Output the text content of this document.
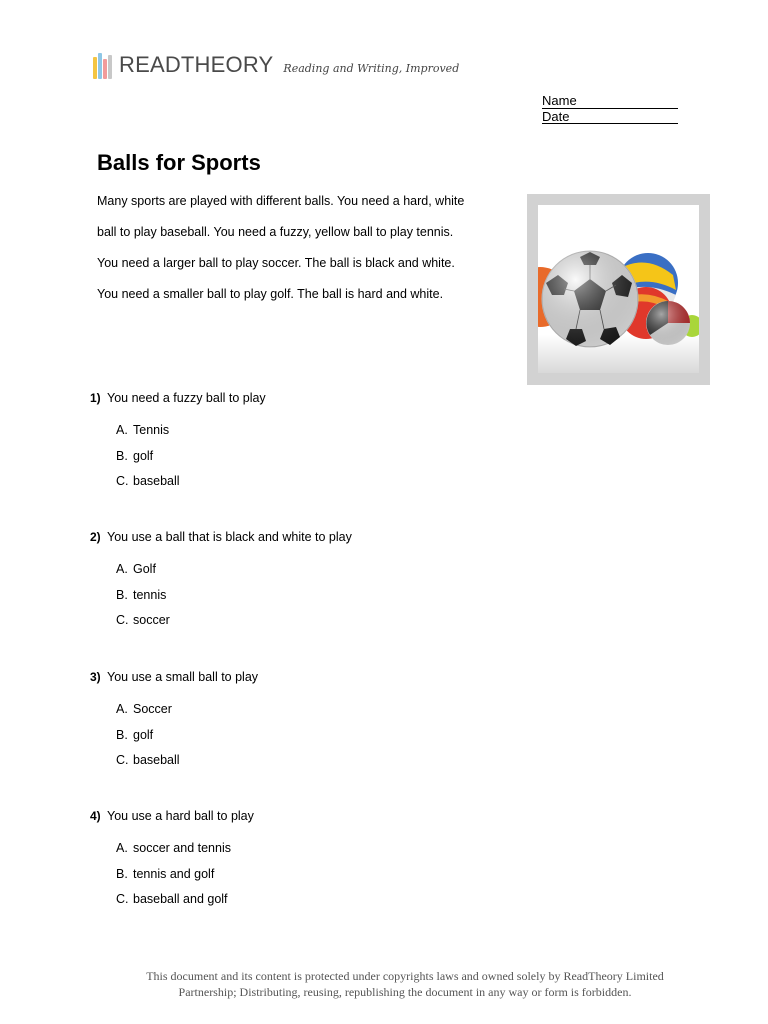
READTHEORY Reading and Writing, Improved
Name
Date
Balls for Sports

Many sports are played with different balls. You need a hard, white

ball to play baseball. You need a fuzzy, yellow ball to play tennis.

You need a larger ball to play soccer. The ball is black and white.

You need a smaller ball to play golf. The ball is hard and white.

1) You need a fuzzy ball to play
A. Tennis
B. golf
C. baseball
2) You use a ball that is black and white to play
A. Golf
B. tennis
C. soccer
3) You use a small ball to play
A. Soccer
B. golf
C. baseball
4) You use a hard ball to play
A. soccer and tennis
B. tennis and golf
C. baseball and golf
This document and its content is protected under copyrights laws and owned solely by ReadTheory Limited
Partnership; Distributing, reusing, republishing the document in any way or form is forbidden.
